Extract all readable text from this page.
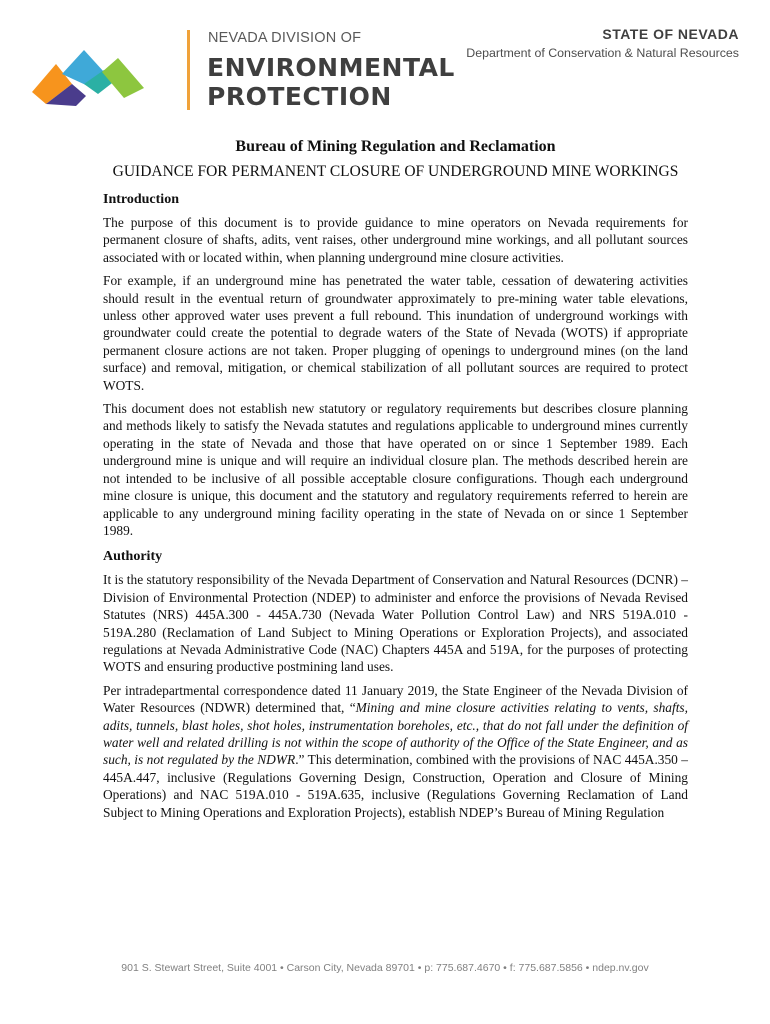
NEVADA DIVISION OF
ENVIRONMENTAL
PROTECTION
STATE OF NEVADA
Department of Conservation & Natural Resources
Bureau of Mining Regulation and Reclamation
GUIDANCE FOR PERMANENT CLOSURE OF UNDERGROUND MINE WORKINGS
Introduction

The purpose of this document is to provide guidance to mine operators on Nevada requirements for permanent closure of shafts, adits, vent raises, other underground mine workings, and all pollutant sources associated with or located within, when planning underground mine closure activities.

For example, if an underground mine has penetrated the water table, cessation of dewatering activities should result in the eventual return of groundwater approximately to pre-mining water table elevations, unless other approved water uses prevent a full rebound. This inundation of underground workings with groundwater could create the potential to degrade waters of the State of Nevada (WOTS) if appropriate permanent closure actions are not taken. Proper plugging of openings to underground mines (on the land surface) and removal, mitigation, or chemical stabilization of all pollutant sources are required to protect WOTS.

This document does not establish new statutory or regulatory requirements but describes closure planning and methods likely to satisfy the Nevada statutes and regulations applicable to underground mines currently operating in the state of Nevada and those that have operated on or since 1 September 1989. Each underground mine is unique and will require an individual closure plan. The methods described herein are not intended to be inclusive of all possible acceptable closure configurations. Though each underground mine closure is unique, this document and the statutory and regulatory requirements referred to herein are applicable to any underground mining facility operating in the state of Nevada on or since 1 September 1989.

Authority

It is the statutory responsibility of the Nevada Department of Conservation and Natural Resources (DCNR) – Division of Environmental Protection (NDEP) to administer and enforce the provisions of Nevada Revised Statutes (NRS) 445A.300 - 445A.730 (Nevada Water Pollution Control Law) and NRS 519A.010 - 519A.280 (Reclamation of Land Subject to Mining Operations or Exploration Projects), and associated regulations at Nevada Administrative Code (NAC) Chapters 445A and 519A, for the purposes of protecting WOTS and ensuring productive postmining land uses.

Per intradepartmental correspondence dated 11 January 2019, the State Engineer of the Nevada Division of Water Resources (NDWR) determined that, “Mining and mine closure activities relating to vents, shafts, adits, tunnels, blast holes, shot holes, instrumentation boreholes, etc., that do not fall under the definition of water well and related drilling is not within the scope of authority of the Office of the State Engineer, and as such, is not regulated by the NDWR.” This determination, combined with the provisions of NAC 445A.350 – 445A.447, inclusive (Regulations Governing Design, Construction, Operation and Closure of Mining Operations) and NAC 519A.010 - 519A.635, inclusive (Regulations Governing Reclamation of Land Subject to Mining Operations and Exploration Projects), establish NDEP’s Bureau of Mining Regulation

901 S. Stewart Street, Suite 4001 • Carson City, Nevada 89701 • p: 775.687.4670 • f: 775.687.5856 • ndep.nv.gov
